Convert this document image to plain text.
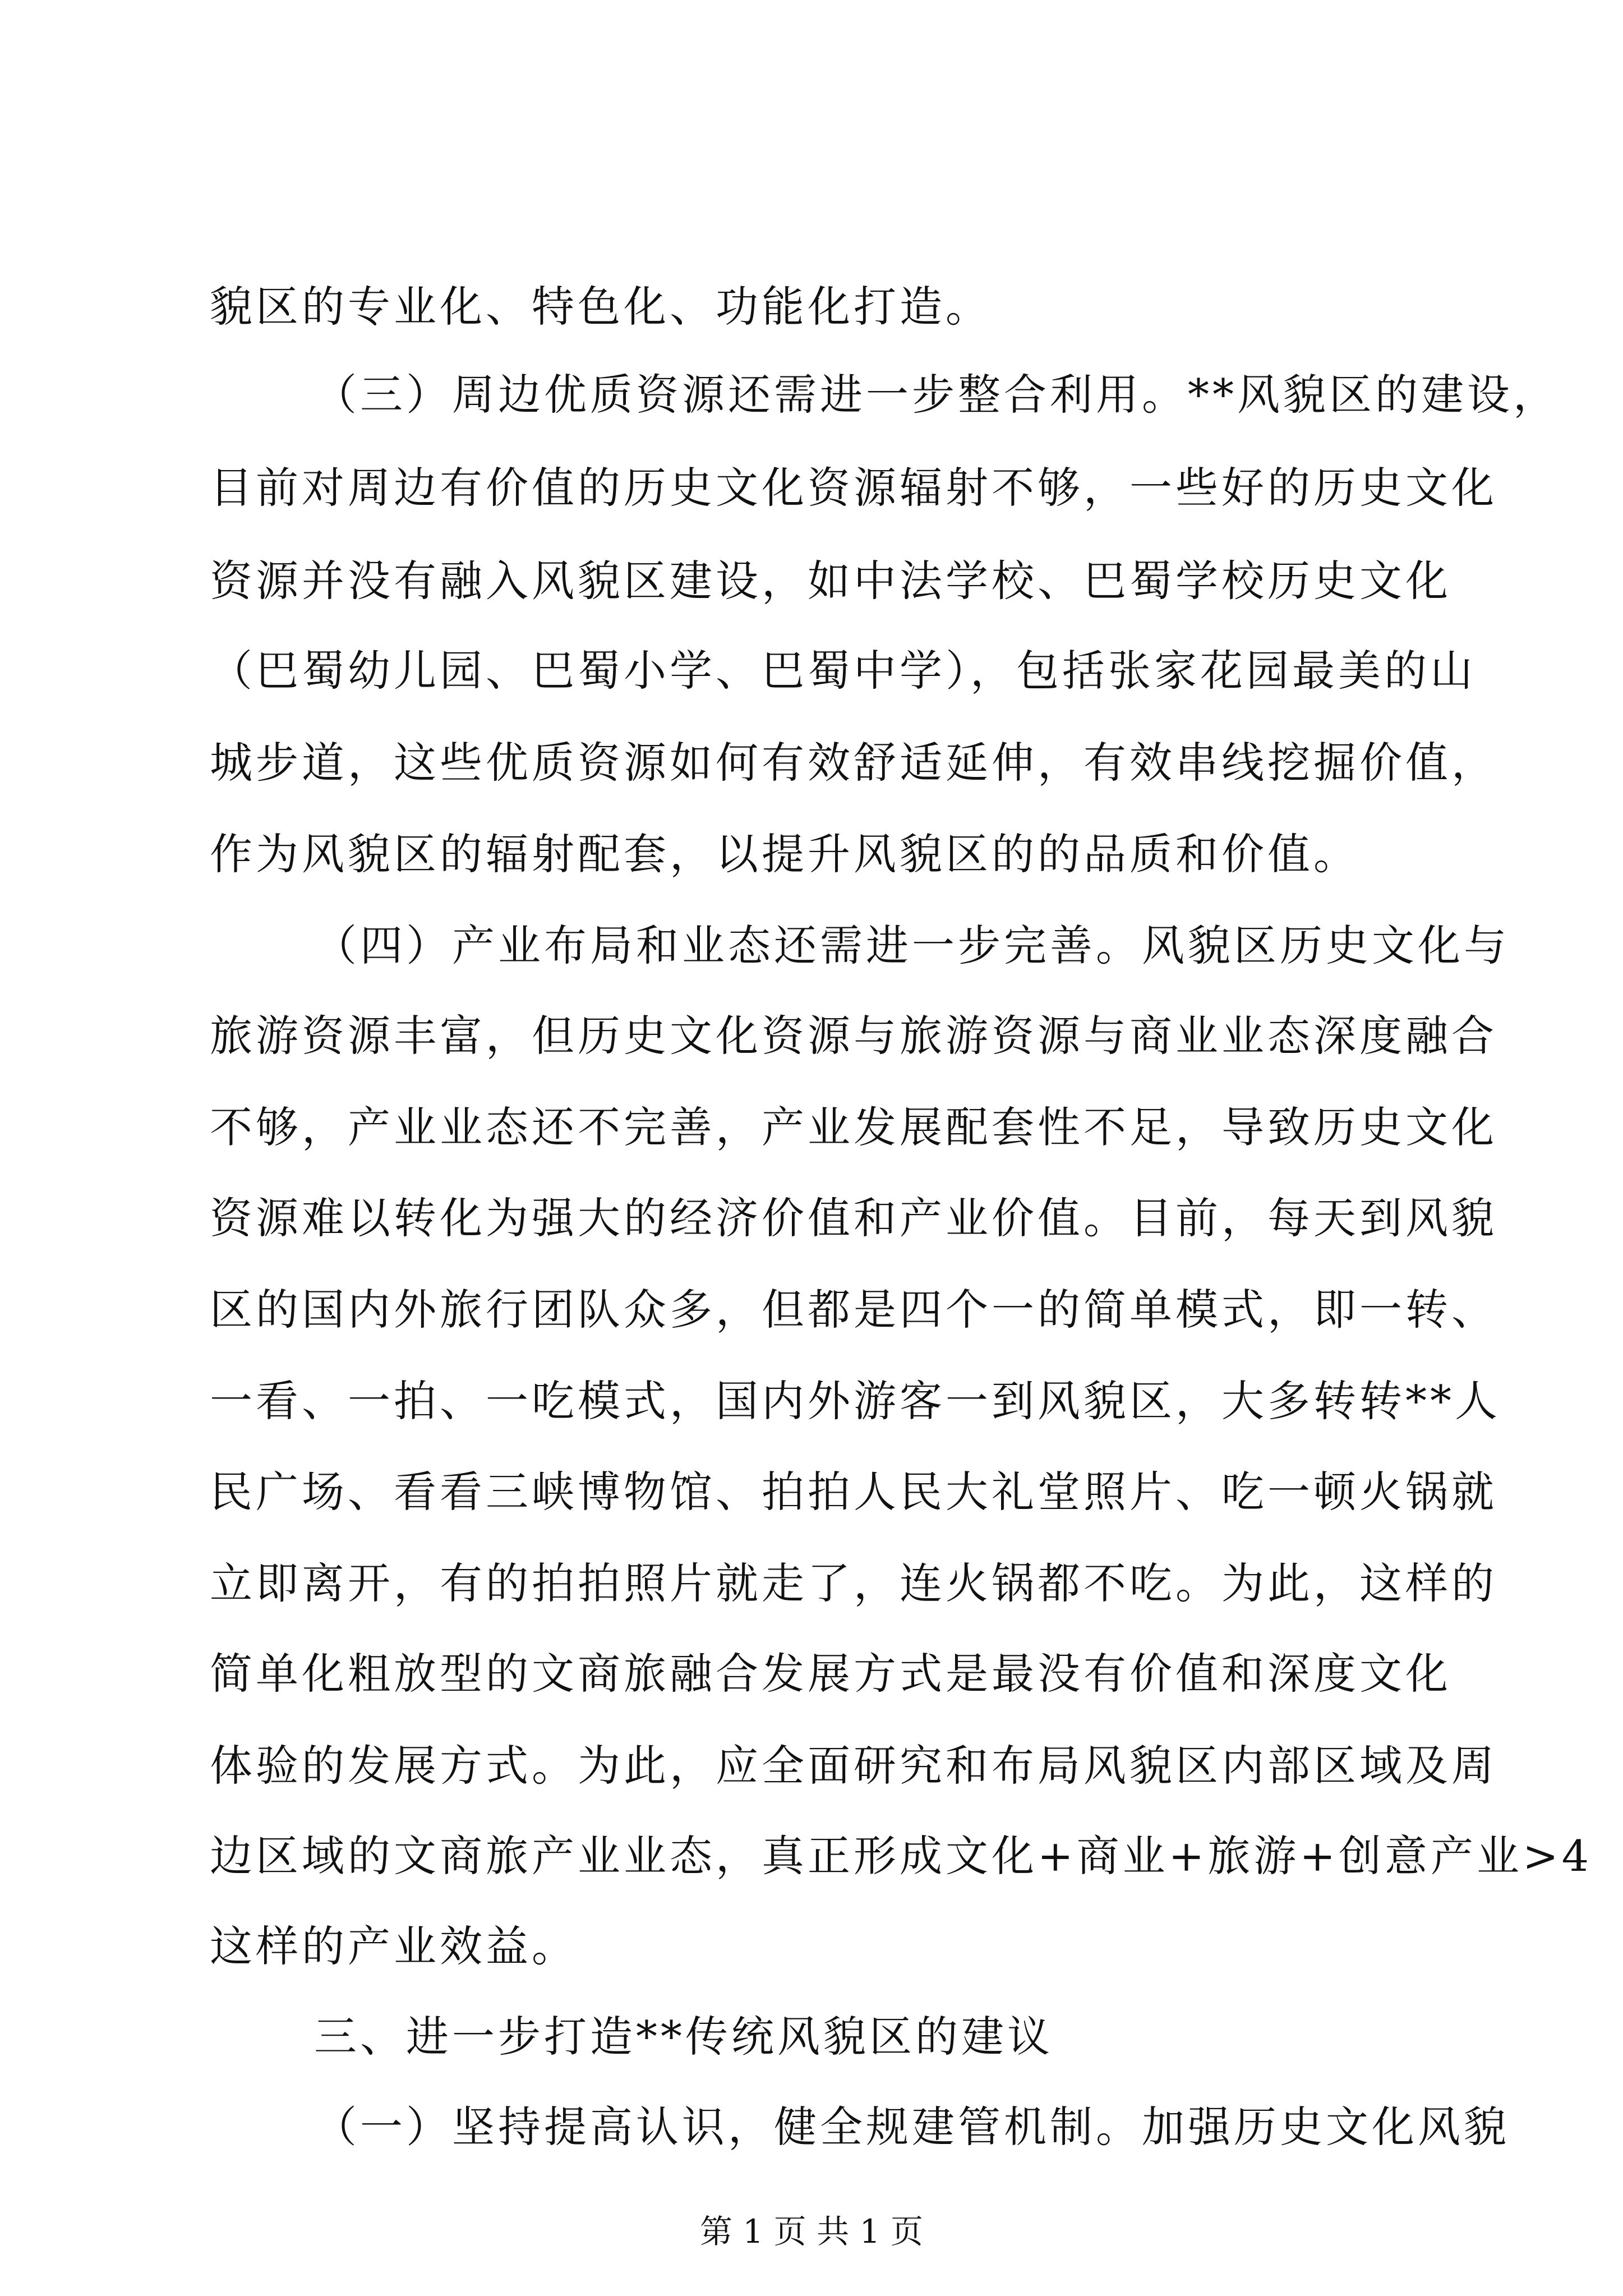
貌区的专业化、特色化、功能化打造。
（三）周边优质资源还需进一步整合利用。**风貌区的建设，
目前对周边有价值的历史文化资源辐射不够，一些好的历史文化
资源并没有融入风貌区建设，如中法学校、巴蜀学校历史文化
（巴蜀幼儿园、巴蜀小学、巴蜀中学），包括张家花园最美的山
城步道，这些优质资源如何有效舒适延伸，有效串线挖掘价值，
作为风貌区的辐射配套，以提升风貌区的的品质和价值。
（四）产业布局和业态还需进一步完善。风貌区历史文化与
旅游资源丰富，但历史文化资源与旅游资源与商业业态深度融合
不够，产业业态还不完善，产业发展配套性不足，导致历史文化
资源难以转化为强大的经济价值和产业价值。目前，每天到风貌
区的国内外旅行团队众多，但都是四个一的简单模式，即一转、
一看、一拍、一吃模式，国内外游客一到风貌区，大多转转**人
民广场、看看三峡博物馆、拍拍人民大礼堂照片、吃一顿火锅就
立即离开，有的拍拍照片就走了，连火锅都不吃。为此，这样的
简单化粗放型的文商旅融合发展方式是最没有价值和深度文化
体验的发展方式。为此，应全面研究和布局风貌区内部区域及周
边区域的文商旅产业业态，真正形成文化+商业+旅游+创意产业>4
这样的产业效益。
三、进一步打造**传统风貌区的建议
（一）坚持提高认识，健全规建管机制。加强历史文化风貌
第 1 页 共 1 页
